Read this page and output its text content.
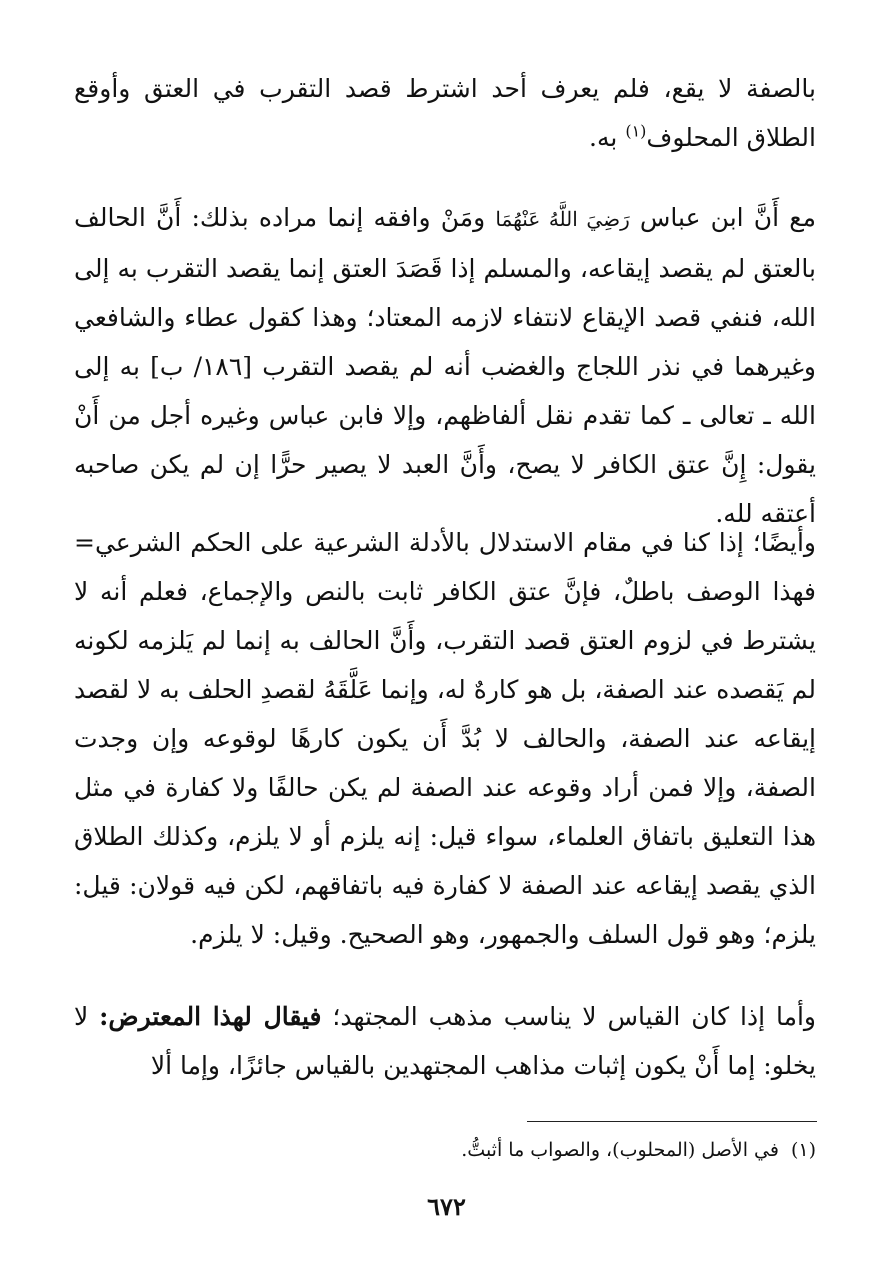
بالصفة لا يقع، فلم يعرف أحد اشترط قصد التقرب في العتق وأوقع الطلاق المحلوف$^{(١)}$ به.

مع أَنَّ ابن عباس رَضِيَ اللَّهُ عَنْهُمَا ومَنْ وافقه إنما مراده بذلك: أَنَّ الحالف بالعتق لم يقصد إيقاعه، والمسلم إذا قَصَدَ العتق إنما يقصد التقرب به إلى الله، فنفي قصد الإيقاع لانتفاء لازمه المعتاد؛ وهذا كقول عطاء والشافعي وغيرهما في نذر اللجاج والغضب أنه لم يقصد التقرب [١٨٦/ ب] به إلى الله ـ تعالى ـ كما تقدم نقل ألفاظهم، وإلا فابن عباس وغيره أجل من أَنْ يقول: إِنَّ عتق الكافر لا يصح، وأَنَّ العبد لا يصير حرًّا إن لم يكن صاحبه أعتقه لله.

وأيضًا؛ إذا كنا في مقام الاستدلال بالأدلة الشرعية على الحكم الشرعي= فهذا الوصف باطلٌ، فإنَّ عتق الكافر ثابت بالنص والإجماع، فعلم أنه لا يشترط في لزوم العتق قصد التقرب، وأَنَّ الحالف به إنما لم يَلزمه لكونه لم يَقصده عند الصفة، بل هو كارهٌ له، وإنما عَلَّقَهُ لقصدِ الحلف به لا لقصد إيقاعه عند الصفة، والحالف لا بُدَّ أَن يكون كارهًا لوقوعه وإن وجدت الصفة، وإلا فمن أراد وقوعه عند الصفة لم يكن حالفًا ولا كفارة في مثل هذا التعليق باتفاق العلماء، سواء قيل: إنه يلزم أو لا يلزم، وكذلك الطلاق الذي يقصد إيقاعه عند الصفة لا كفارة فيه باتفاقهم، لكن فيه قولان: قيل: يلزم؛ وهو قول السلف والجمهور، وهو الصحيح. وقيل: لا يلزم.

وأما إذا كان القياس لا يناسب مذهب المجتهد؛ فيقال لهذا المعترض: لا يخلو: إما أَنْ يكون إثبات مذاهب المجتهدين بالقياس جائزًا، وإما ألا

(١)في الأصل (المحلوب)، والصواب ما أثبتُّ.

٦٧٢
